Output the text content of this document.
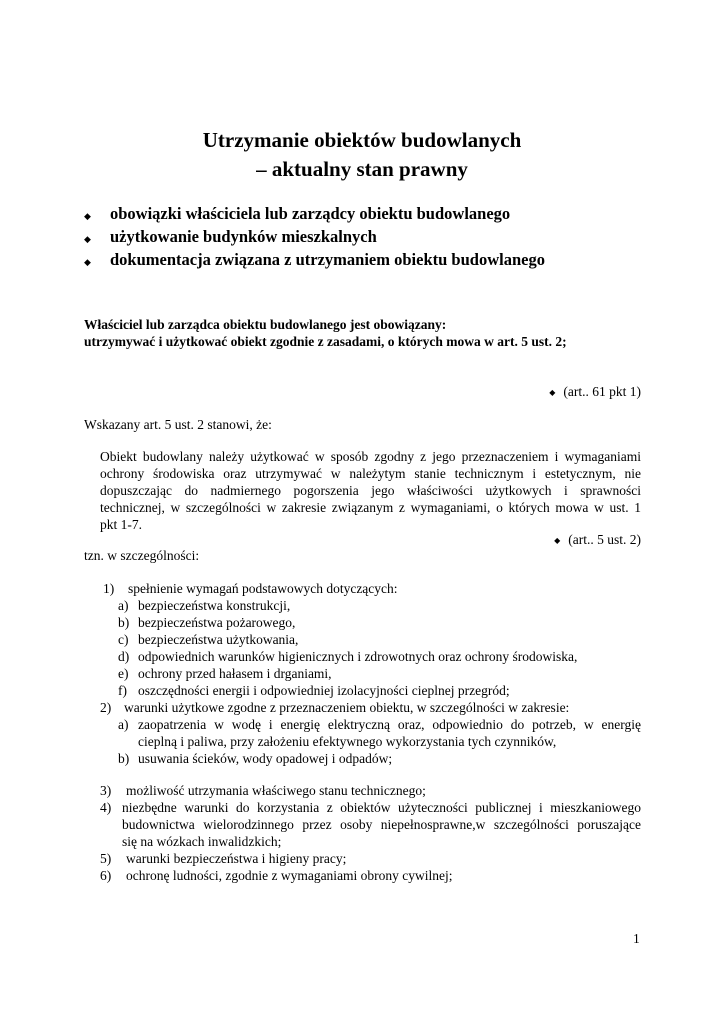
Utrzymanie obiektów budowlanych
– aktualny stan prawny
◆ obowiązki właściciela lub zarządcy obiektu budowlanego
◆ użytkowanie budynków mieszkalnych
◆ dokumentacja związana z utrzymaniem obiektu budowlanego
Właściciel lub zarządca obiektu budowlanego jest obowiązany:
utrzymywać i użytkować obiekt zgodnie z zasadami, o których mowa w art. 5 ust. 2;
◆ (art.. 61 pkt 1)
Wskazany art. 5 ust. 2 stanowi, że:
Obiekt budowlany należy użytkować w sposób zgodny z jego przeznaczeniem i wymaganiami
ochrony środowiska oraz utrzymywać w należytym stanie technicznym i estetycznym, nie
dopuszczając do nadmiernego pogorszenia jego właściwości użytkowych i sprawności
technicznej, w szczególności w zakresie związanym z wymaganiami, o których mowa w ust. 1
pkt 1-7.
◆ (art.. 5 ust. 2)
tzn. w szczególności:
1) spełnienie wymagań podstawowych dotyczących:
a) bezpieczeństwa konstrukcji,
b) bezpieczeństwa pożarowego,
c) bezpieczeństwa użytkowania,
d) odpowiednich warunków higienicznych i zdrowotnych oraz ochrony środowiska,
e) ochrony przed hałasem i drganiami,
f) oszczędności energii i odpowiedniej izolacyjności cieplnej przegród;
2) warunki użytkowe zgodne z przeznaczeniem obiektu, w szczególności w zakresie:
a) zaopatrzenia w wodę i energię elektryczną oraz, odpowiednio do potrzeb, w energię
cieplną i paliwa, przy założeniu efektywnego wykorzystania tych czynników,
b) usuwania ścieków, wody opadowej i odpadów;
3) możliwość utrzymania właściwego stanu technicznego;
4) niezbędne warunki do korzystania z obiektów użyteczności publicznej i mieszkaniowego
budownictwa wielorodzinnego przez osoby niepełnosprawne,w szczególności poruszające
się na wózkach inwalidzkich;
5) warunki bezpieczeństwa i higieny pracy;
6) ochronę ludności, zgodnie z wymaganiami obrony cywilnej;
1
